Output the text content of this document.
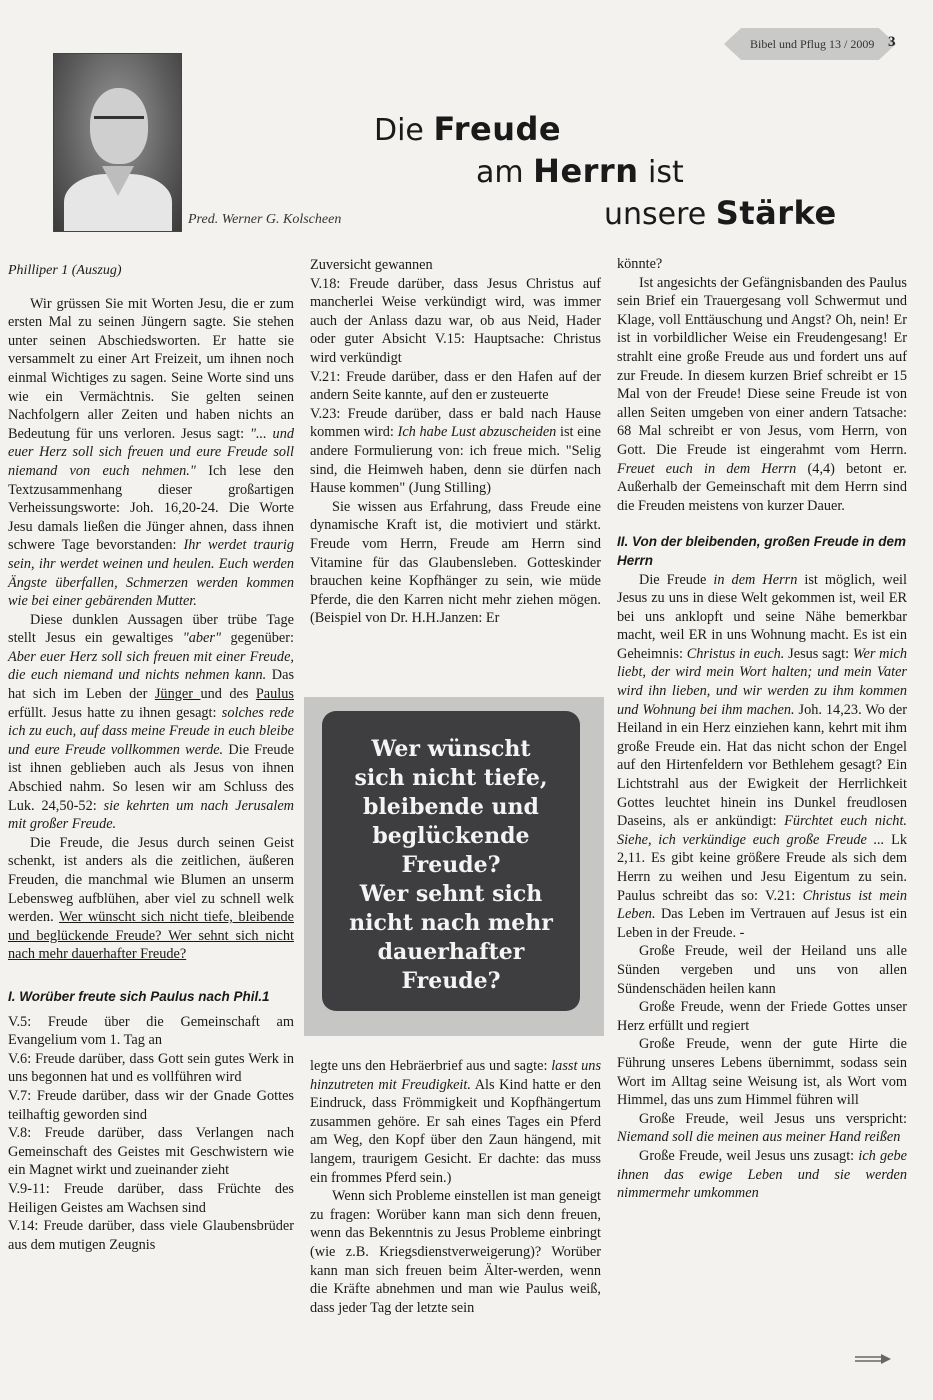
Bibel und Pflug 13 / 2009 3
Pred. Werner G. Kolscheen
Die Freude
am Herrn ist
unsere Stärke

Philliper 1 (Auszug)

Wir grüssen Sie mit Worten Jesu, die er zum ersten Mal zu seinen Jüngern sagte. Sie stehen unter seinen Abschiedsworten. Er hatte sie versammelt zu einer Art Freizeit, um ihnen noch einmal Wichtiges zu sagen. Seine Worte sind uns wie ein Vermächtnis. Sie gelten seinen Nachfolgern aller Zeiten und haben nichts an Bedeutung für uns verloren. Jesus sagt: "... und euer Herz soll sich freuen und eure Freude soll niemand von euch nehmen." Ich lese den Textzusammenhang dieser großartigen Verheissungsworte: Joh. 16,20-24. Die Worte Jesu damals ließen die Jünger ahnen, dass ihnen schwere Tage bevorstanden: Ihr werdet traurig sein, ihr werdet weinen und heulen. Euch werden Ängste überfallen, Schmerzen werden kommen wie bei einer gebärenden Mutter.

Diese dunklen Aussagen über trübe Tage stellt Jesus ein gewaltiges "aber" gegenüber: Aber euer Herz soll sich freuen mit einer Freude, die euch niemand und nichts nehmen kann. Das hat sich im Leben der Jünger und des Paulus erfüllt. Jesus hatte zu ihnen gesagt: solches rede ich zu euch, auf dass meine Freude in euch bleibe und eure Freude vollkommen werde. Die Freude ist ihnen geblieben auch als Jesus von ihnen Abschied nahm. So lesen wir am Schluss des Luk. 24,50-52: sie kehrten um nach Jerusalem mit großer Freude.

Die Freude, die Jesus durch seinen Geist schenkt, ist anders als die zeitlichen, äußeren Freuden, die manchmal wie Blumen an unserm Lebensweg aufblühen, aber viel zu schnell welk werden. Wer wünscht sich nicht tiefe, bleibende und beglückende Freude? Wer sehnt sich nicht nach mehr dauerhafter Freude?

I. Worüber freute sich Paulus nach Phil.1

V.5: Freude über die Gemeinschaft am Evangelium vom 1. Tag an

V.6: Freude darüber, dass Gott sein gutes Werk in uns begonnen hat und es vollführen wird

V.7: Freude darüber, dass wir der Gnade Gottes teilhaftig geworden sind

V.8: Freude darüber, dass Verlangen nach Gemeinschaft des Geistes mit Geschwistern wie ein Magnet wirkt und zueinander zieht

V.9-11: Freude darüber, dass Früchte des Heiligen Geistes am Wachsen sind

V.14: Freude darüber, dass viele Glaubensbrüder aus dem mutigen Zeugnis

Zuversicht gewannen

V.18: Freude darüber, dass Jesus Christus auf mancherlei Weise verkündigt wird, was immer auch der Anlass dazu war, ob aus Neid, Hader oder guter Absicht V.15: Hauptsache: Christus wird verkündigt

V.21: Freude darüber, dass er den Hafen auf der andern Seite kannte, auf den er zusteuerte

V.23: Freude darüber, dass er bald nach Hause kommen wird: Ich habe Lust abzuscheiden ist eine andere Formulierung von: ich freue mich. "Selig sind, die Heimweh haben, denn sie dürfen nach Hause kommen" (Jung Stilling)

Sie wissen aus Erfahrung, dass Freude eine dynamische Kraft ist, die motiviert und stärkt. Freude vom Herrn, Freude am Herrn sind Vitamine für das Glaubensleben. Gotteskinder brauchen keine Kopfhänger zu sein, wie müde Pferde, die den Karren nicht mehr ziehen mögen. (Beispiel von Dr. H.H.Janzen: Er

legte uns den Hebräerbrief aus und sagte: lasst uns hinzutreten mit Freudigkeit. Als Kind hatte er den Eindruck, dass Frömmigkeit und Kopfhängertum zusammen gehöre. Er sah eines Tages ein Pferd am Weg, den Kopf über den Zaun hängend, mit langem, traurigem Gesicht. Er dachte: das muss ein frommes Pferd sein.)

Wenn sich Probleme einstellen ist man geneigt zu fragen: Worüber kann man sich denn freuen, wenn das Bekenntnis zu Jesus Probleme einbringt (wie z.B. Kriegsdienstverweigerung)? Worüber kann man sich freuen beim Älter-werden, wenn die Kräfte abnehmen und man wie Paulus weiß, dass jeder Tag der letzte sein

Wer wünscht
sich nicht tiefe,
bleibende und
beglückende
Freude?
Wer sehnt sich
nicht nach mehr
dauerhafter
Freude?

könnte?

Ist angesichts der Gefängnisbanden des Paulus sein Brief ein Trauergesang voll Schwermut und Klage, voll Enttäuschung und Angst? Oh, nein! Er ist in vorbildlicher Weise ein Freudengesang! Er strahlt eine große Freude aus und fordert uns auf zur Freude. In diesem kurzen Brief schreibt er 15 Mal von der Freude! Diese seine Freude ist von allen Seiten umgeben von einer andern Tatsache: 68 Mal schreibt er von Jesus, vom Herrn, von Gott. Die Freude ist eingerahmt vom Herrn. Freuet euch in dem Herrn (4,4) betont er. Außerhalb der Gemeinschaft mit dem Herrn sind die Freuden meistens von kurzer Dauer.

II. Von der bleibenden, großen Freude in dem Herrn

Die Freude in dem Herrn ist möglich, weil Jesus zu uns in diese Welt gekommen ist, weil ER bei uns anklopft und seine Nähe bemerkbar macht, weil ER in uns Wohnung macht. Es ist ein Geheimnis: Christus in euch. Jesus sagt: Wer mich liebt, der wird mein Wort halten; und mein Vater wird ihn lieben, und wir werden zu ihm kommen und Wohnung bei ihm machen. Joh. 14,23. Wo der Heiland in ein Herz einziehen kann, kehrt mit ihm große Freude ein. Hat das nicht schon der Engel auf den Hirtenfeldern vor Bethlehem gesagt? Ein Lichtstrahl aus der Ewigkeit der Herrlichkeit Gottes leuchtet hinein ins Dunkel freudlosen Daseins, als er ankündigt: Fürchtet euch nicht. Siehe, ich verkündige euch große Freude ... Lk 2,11. Es gibt keine größere Freude als sich dem Herrn zu weihen und Jesu Eigentum zu sein. Paulus schreibt das so: V.21: Christus ist mein Leben. Das Leben im Vertrauen auf Jesus ist ein Leben in der Freude. -

Große Freude, weil der Heiland uns alle Sünden vergeben und uns von allen Sündenschäden heilen kann

Große Freude, wenn der Friede Gottes unser Herz erfüllt und regiert

Große Freude, wenn der gute Hirte die Führung unseres Lebens übernimmt, sodass sein Wort im Alltag seine Weisung ist, als Wort vom Himmel, das uns zum Himmel führen will

Große Freude, weil Jesus uns verspricht: Niemand soll die meinen aus meiner Hand reißen

Große Freude, weil Jesus uns zusagt: ich gebe ihnen das ewige Leben und sie werden nimmermehr umkommen
